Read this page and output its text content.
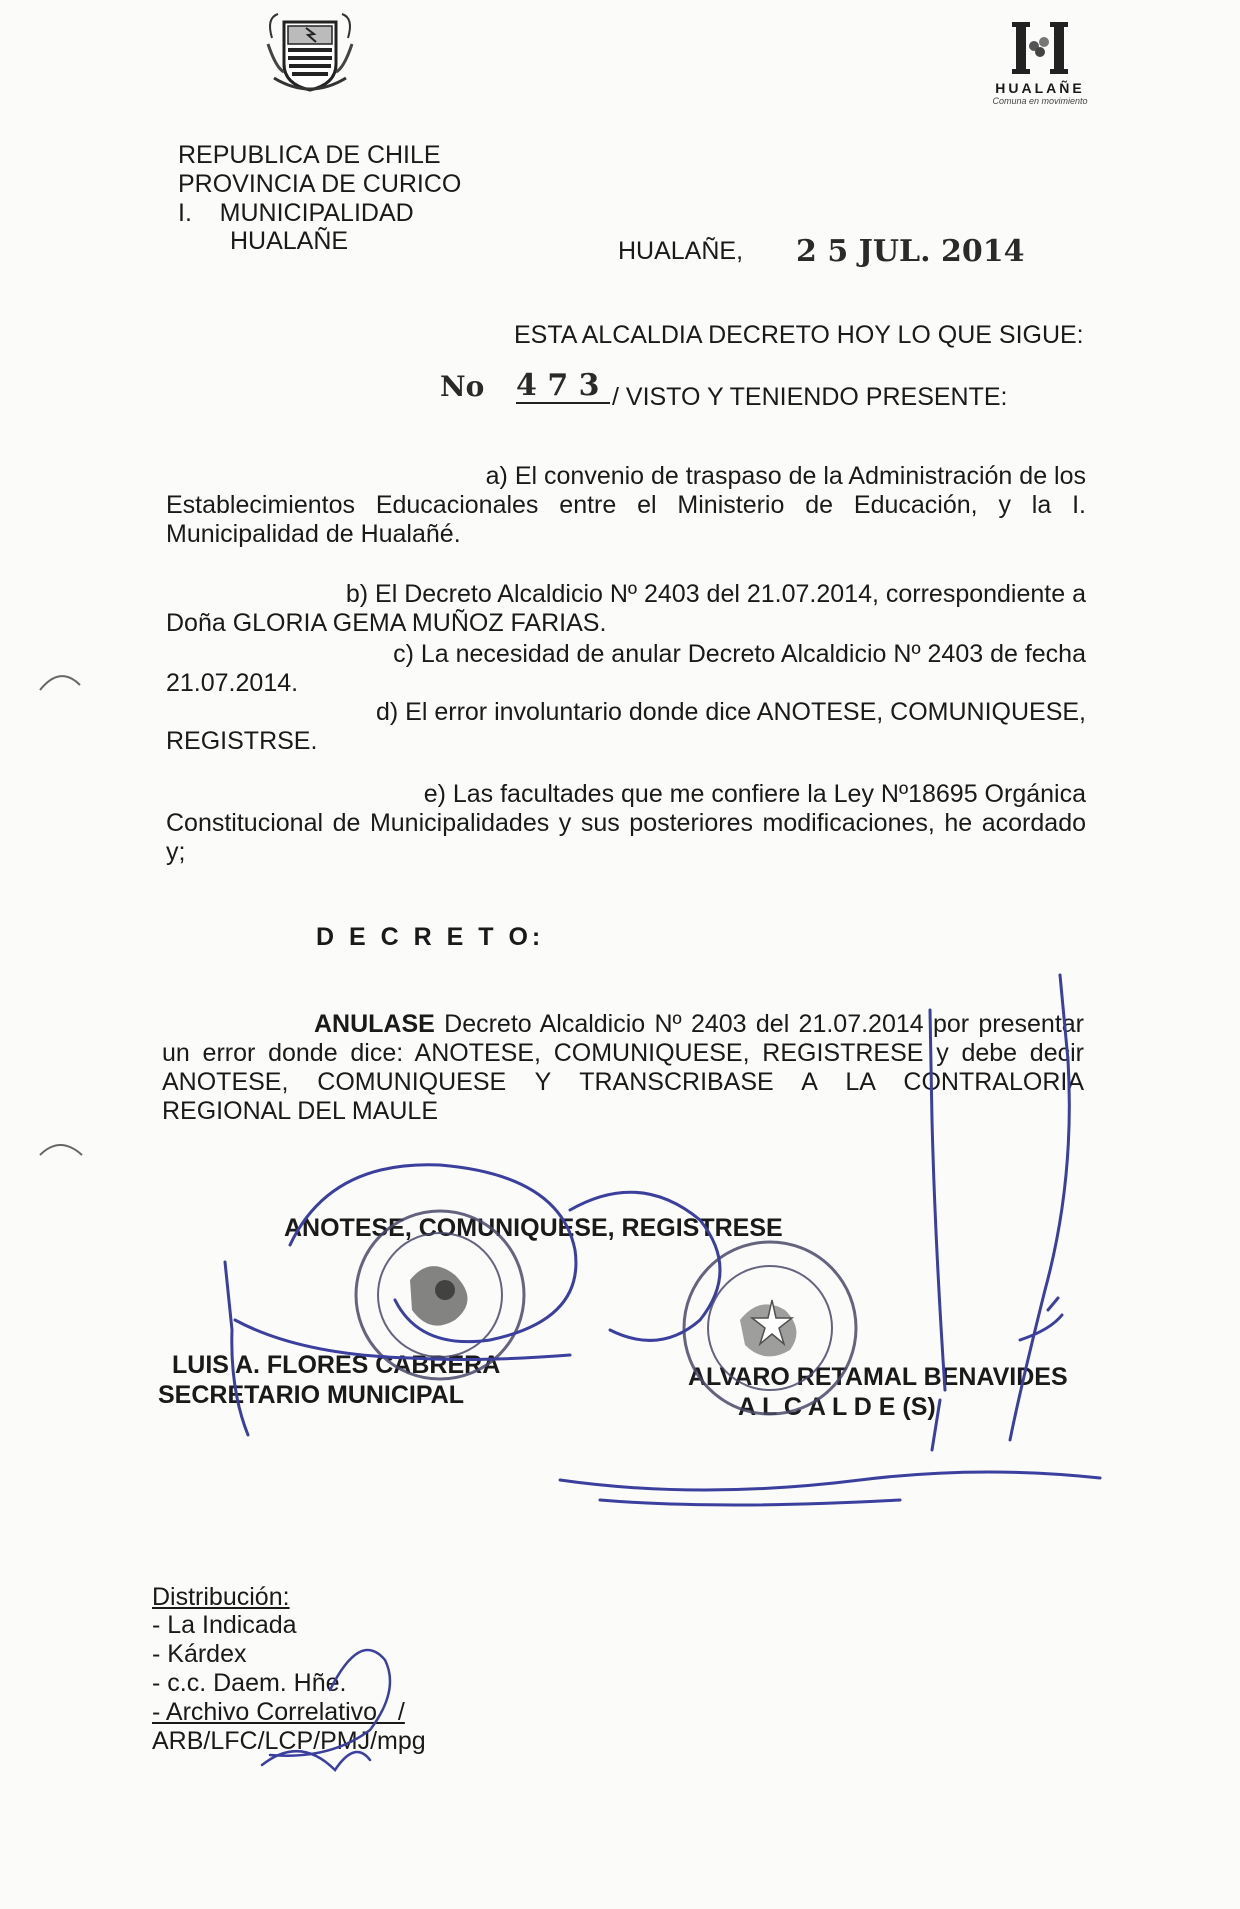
HUALAÑE
Comuna en movimiento
REPUBLICA DE CHILE
PROVINCIA DE CURICO
I.    MUNICIPALIDAD
HUALAÑE	HUALAÑE, 2 5 JUL. 2014
ESTA ALCALDIA DECRETO HOY LO QUE SIGUE:
No 4 7 3 / VISTO Y TENIENDO PRESENTE:
a) El convenio de traspaso de la Administración de los
Establecimientos Educacionales entre el Ministerio de Educación, y la I. Municipalidad de Hualañé.
b) El Decreto Alcaldicio Nº 2403 del 21.07.2014, correspondiente a
Doña GLORIA GEMA MUÑOZ FARIAS.
c) La necesidad de anular Decreto Alcaldicio Nº 2403 de fecha
21.07.2014.
d) El error involuntario donde dice ANOTESE, COMUNIQUESE,
REGISTRSE.
e) Las facultades que me confiere la Ley Nº18695 Orgánica
Constitucional de Municipalidades y sus posteriores modificaciones, he acordado y;
D E C R E T O:
ANULASE Decreto Alcaldicio Nº 2403 del 21.07.2014 por presentar un error donde dice: ANOTESE, COMUNIQUESE, REGISTRESE y debe decir ANOTESE, COMUNIQUESE Y TRANSCRIBASE A LA CONTRALORIA REGIONAL DEL MAULE
ANOTESE, COMUNIQUESE, REGISTRESE
LUIS A. FLORES CABRERA
SECRETARIO MUNICIPAL
ALVARO RETAMAL BENAVIDES
A L C A L D E (S)
Distribución:
- La Indicada
- Kárdex
- c.c. Daem. Hñe.
- Archivo Correlativo   /
ARB/LFC/LCP/PMJ/mpg
